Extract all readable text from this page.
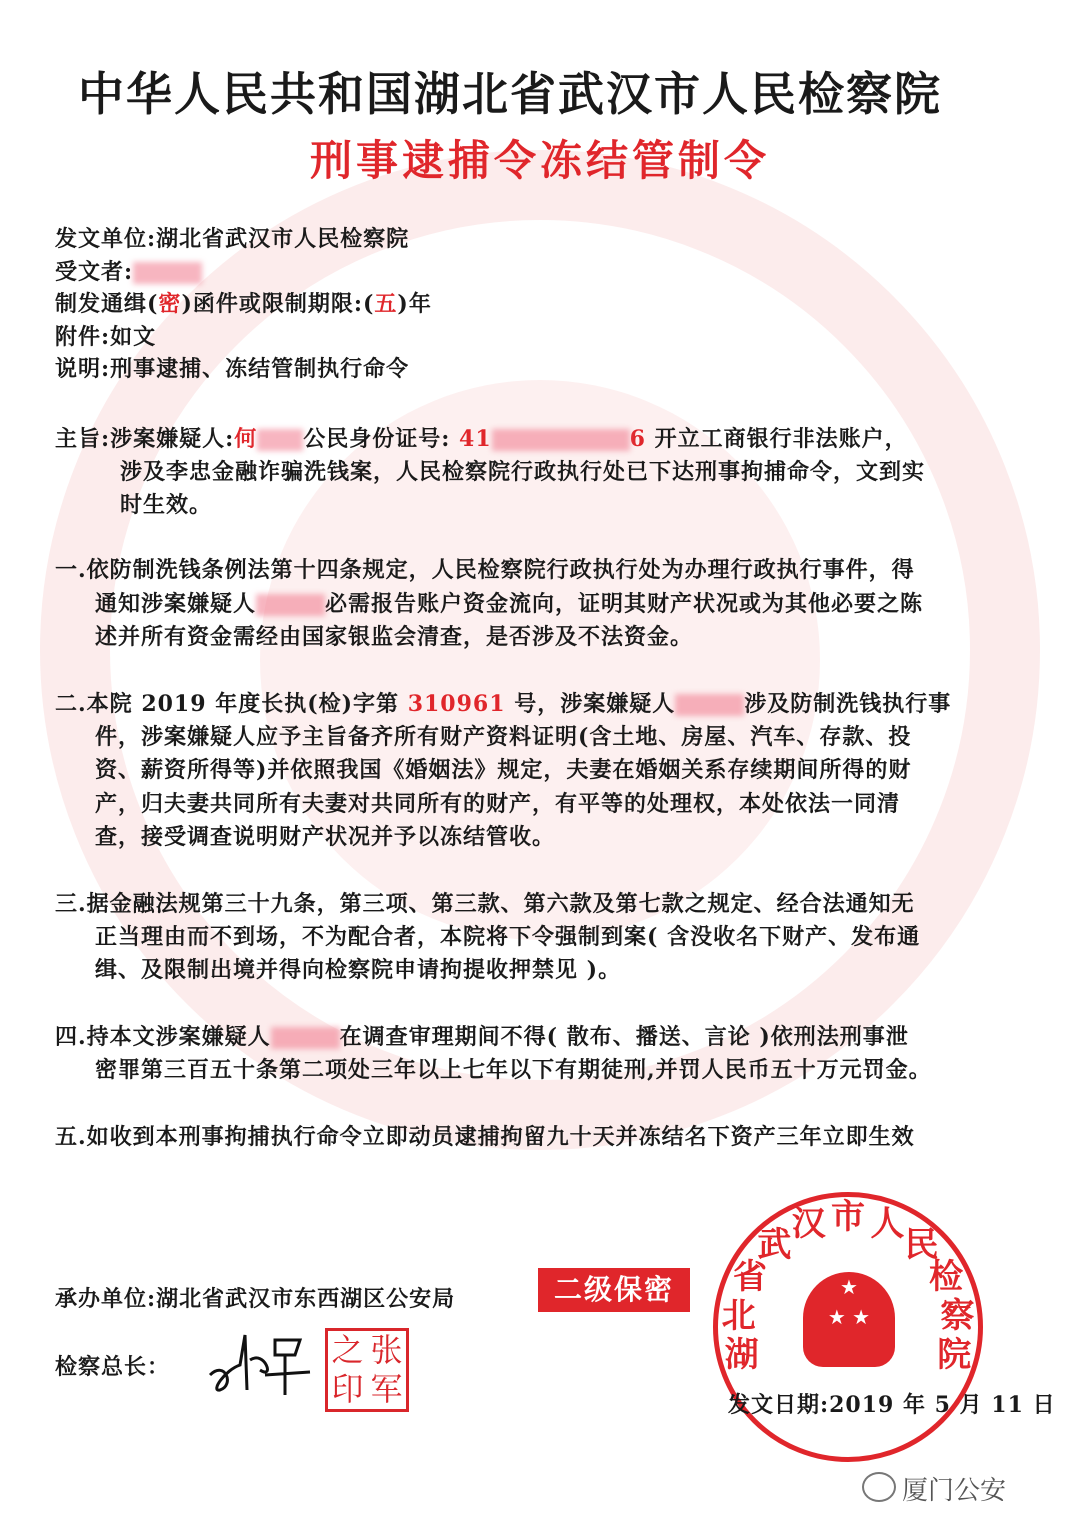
中华人民共和国湖北省武汉市人民检察院
刑事逮捕令冻结管制令
发文单位:湖北省武汉市人民检察院
受文者:
制发通缉(密)函件或限制期限:(五)年
附件:如文
说明:刑事逮捕、冻结管制执行命令
主旨:涉案嫌疑人:何 公民身份证号: 41	6 开立工商银行非法账户，
涉及李忠金融诈骗洗钱案，人民检察院行政执行处已下达刑事拘捕命令，文到实
时生效。
一.依防制洗钱条例法第十四条规定，人民检察院行政执行处为办理行政执行事件，得
通知涉案嫌疑人	必需报告账户资金流向，证明其财产状况或为其他必要之陈
述并所有资金需经由国家银监会清查，是否涉及不法资金。
二.本院 2019 年度长执(检)字第 310961 号，涉案嫌疑人	涉及防制洗钱执行事
件，涉案嫌疑人应予主旨备齐所有财产资料证明(含土地、房屋、汽车、存款、投
资、薪资所得等)并依照我国《婚姻法》规定，夫妻在婚姻关系存续期间所得的财
产，归夫妻共同所有夫妻对共同所有的财产，有平等的处理权，本处依法一同清
查，接受调查说明财产状况并予以冻结管收。
三.据金融法规第三十九条，第三项、第三款、第六款及第七款之规定、经合法通知无
正当理由而不到场，不为配合者，本院将下令强制到案( 含没收名下财产、发布通
缉、及限制出境并得向检察院申请拘提收押禁见 )。
四.持本文涉案嫌疑人	在调查审理期间不得( 散布、播送、言论 )依刑法刑事泄
密罪第三百五十条第二项处三年以上七年以下有期徒刑,并罚人民币五十万元罚金。
五.如收到本刑事拘捕执行命令立即动员逮捕拘留九十天并冻结名下资产三年立即生效
承办单位:湖北省武汉市东西湖区公安局
检察总长：	之 张
印 军
二级保密
湖
北
省
武
汉 市 人
民
检
察
院
★
★ ★
发文日期:2019 年 5 月 11 日
厦门公安
